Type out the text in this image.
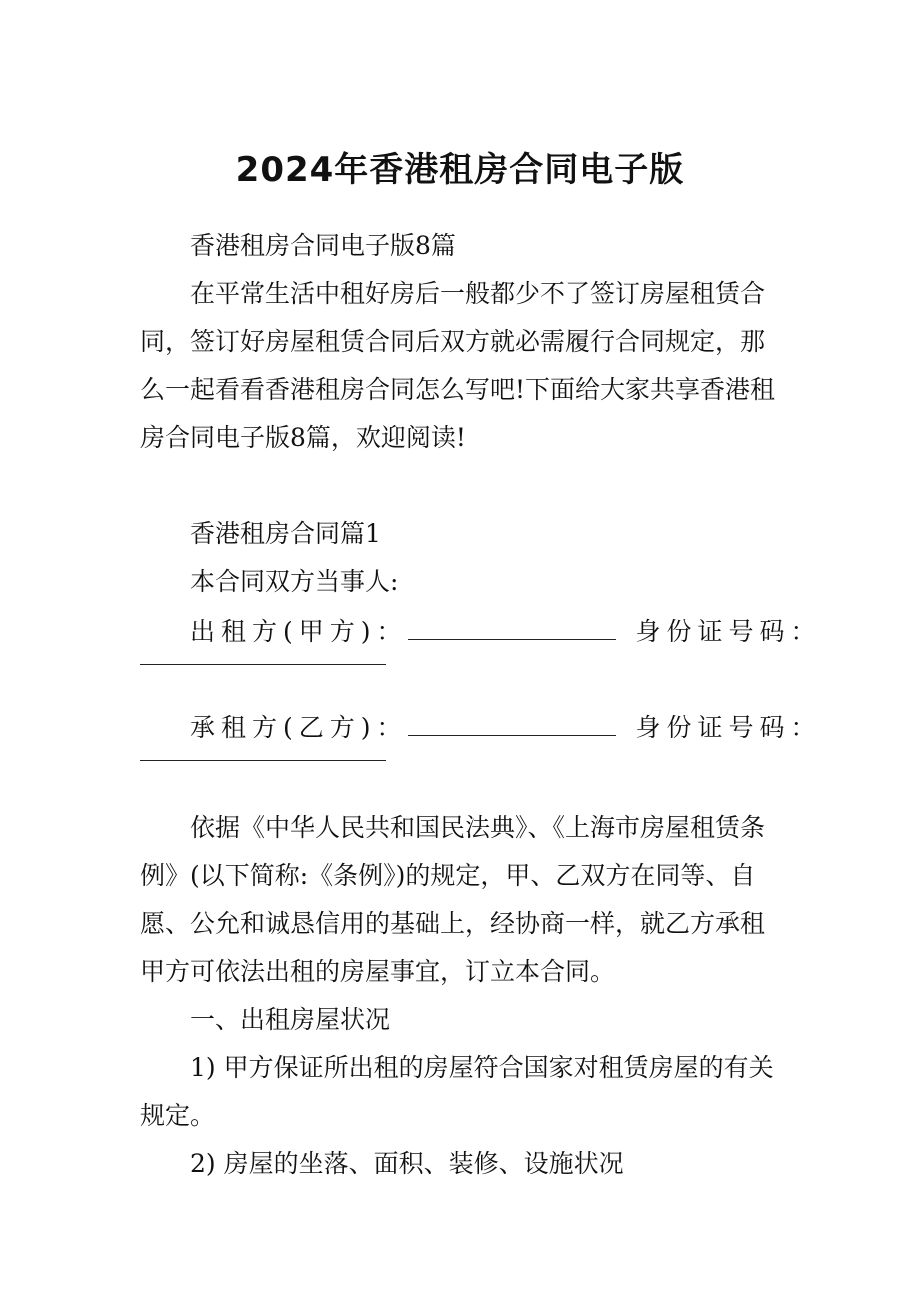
2024年香港租房合同电子版

香港租房合同电子版8篇

在平常生活中租好房后一般都少不了签订房屋租赁合同，签订好房屋租赁合同后双方就必需履行合同规定，那么一起看看香港租房合同怎么写吧!下面给大家共享香港租房合同电子版8篇，欢迎阅读!

香港租房合同篇1

本合同双方当事人:

出租方(甲方)：	身份证号码：
承租方(乙方)：	身份证号码：

依据《中华人民共和国民法典》、《上海市房屋租赁条例》(以下简称:《条例》)的规定，甲、乙双方在同等、自愿、公允和诚恳信用的基础上，经协商一样，就乙方承租甲方可依法出租的房屋事宜，订立本合同。

一、出租房屋状况

1) 甲方保证所出租的房屋符合国家对租赁房屋的有关规定。

2) 房屋的坐落、面积、装修、设施状况
